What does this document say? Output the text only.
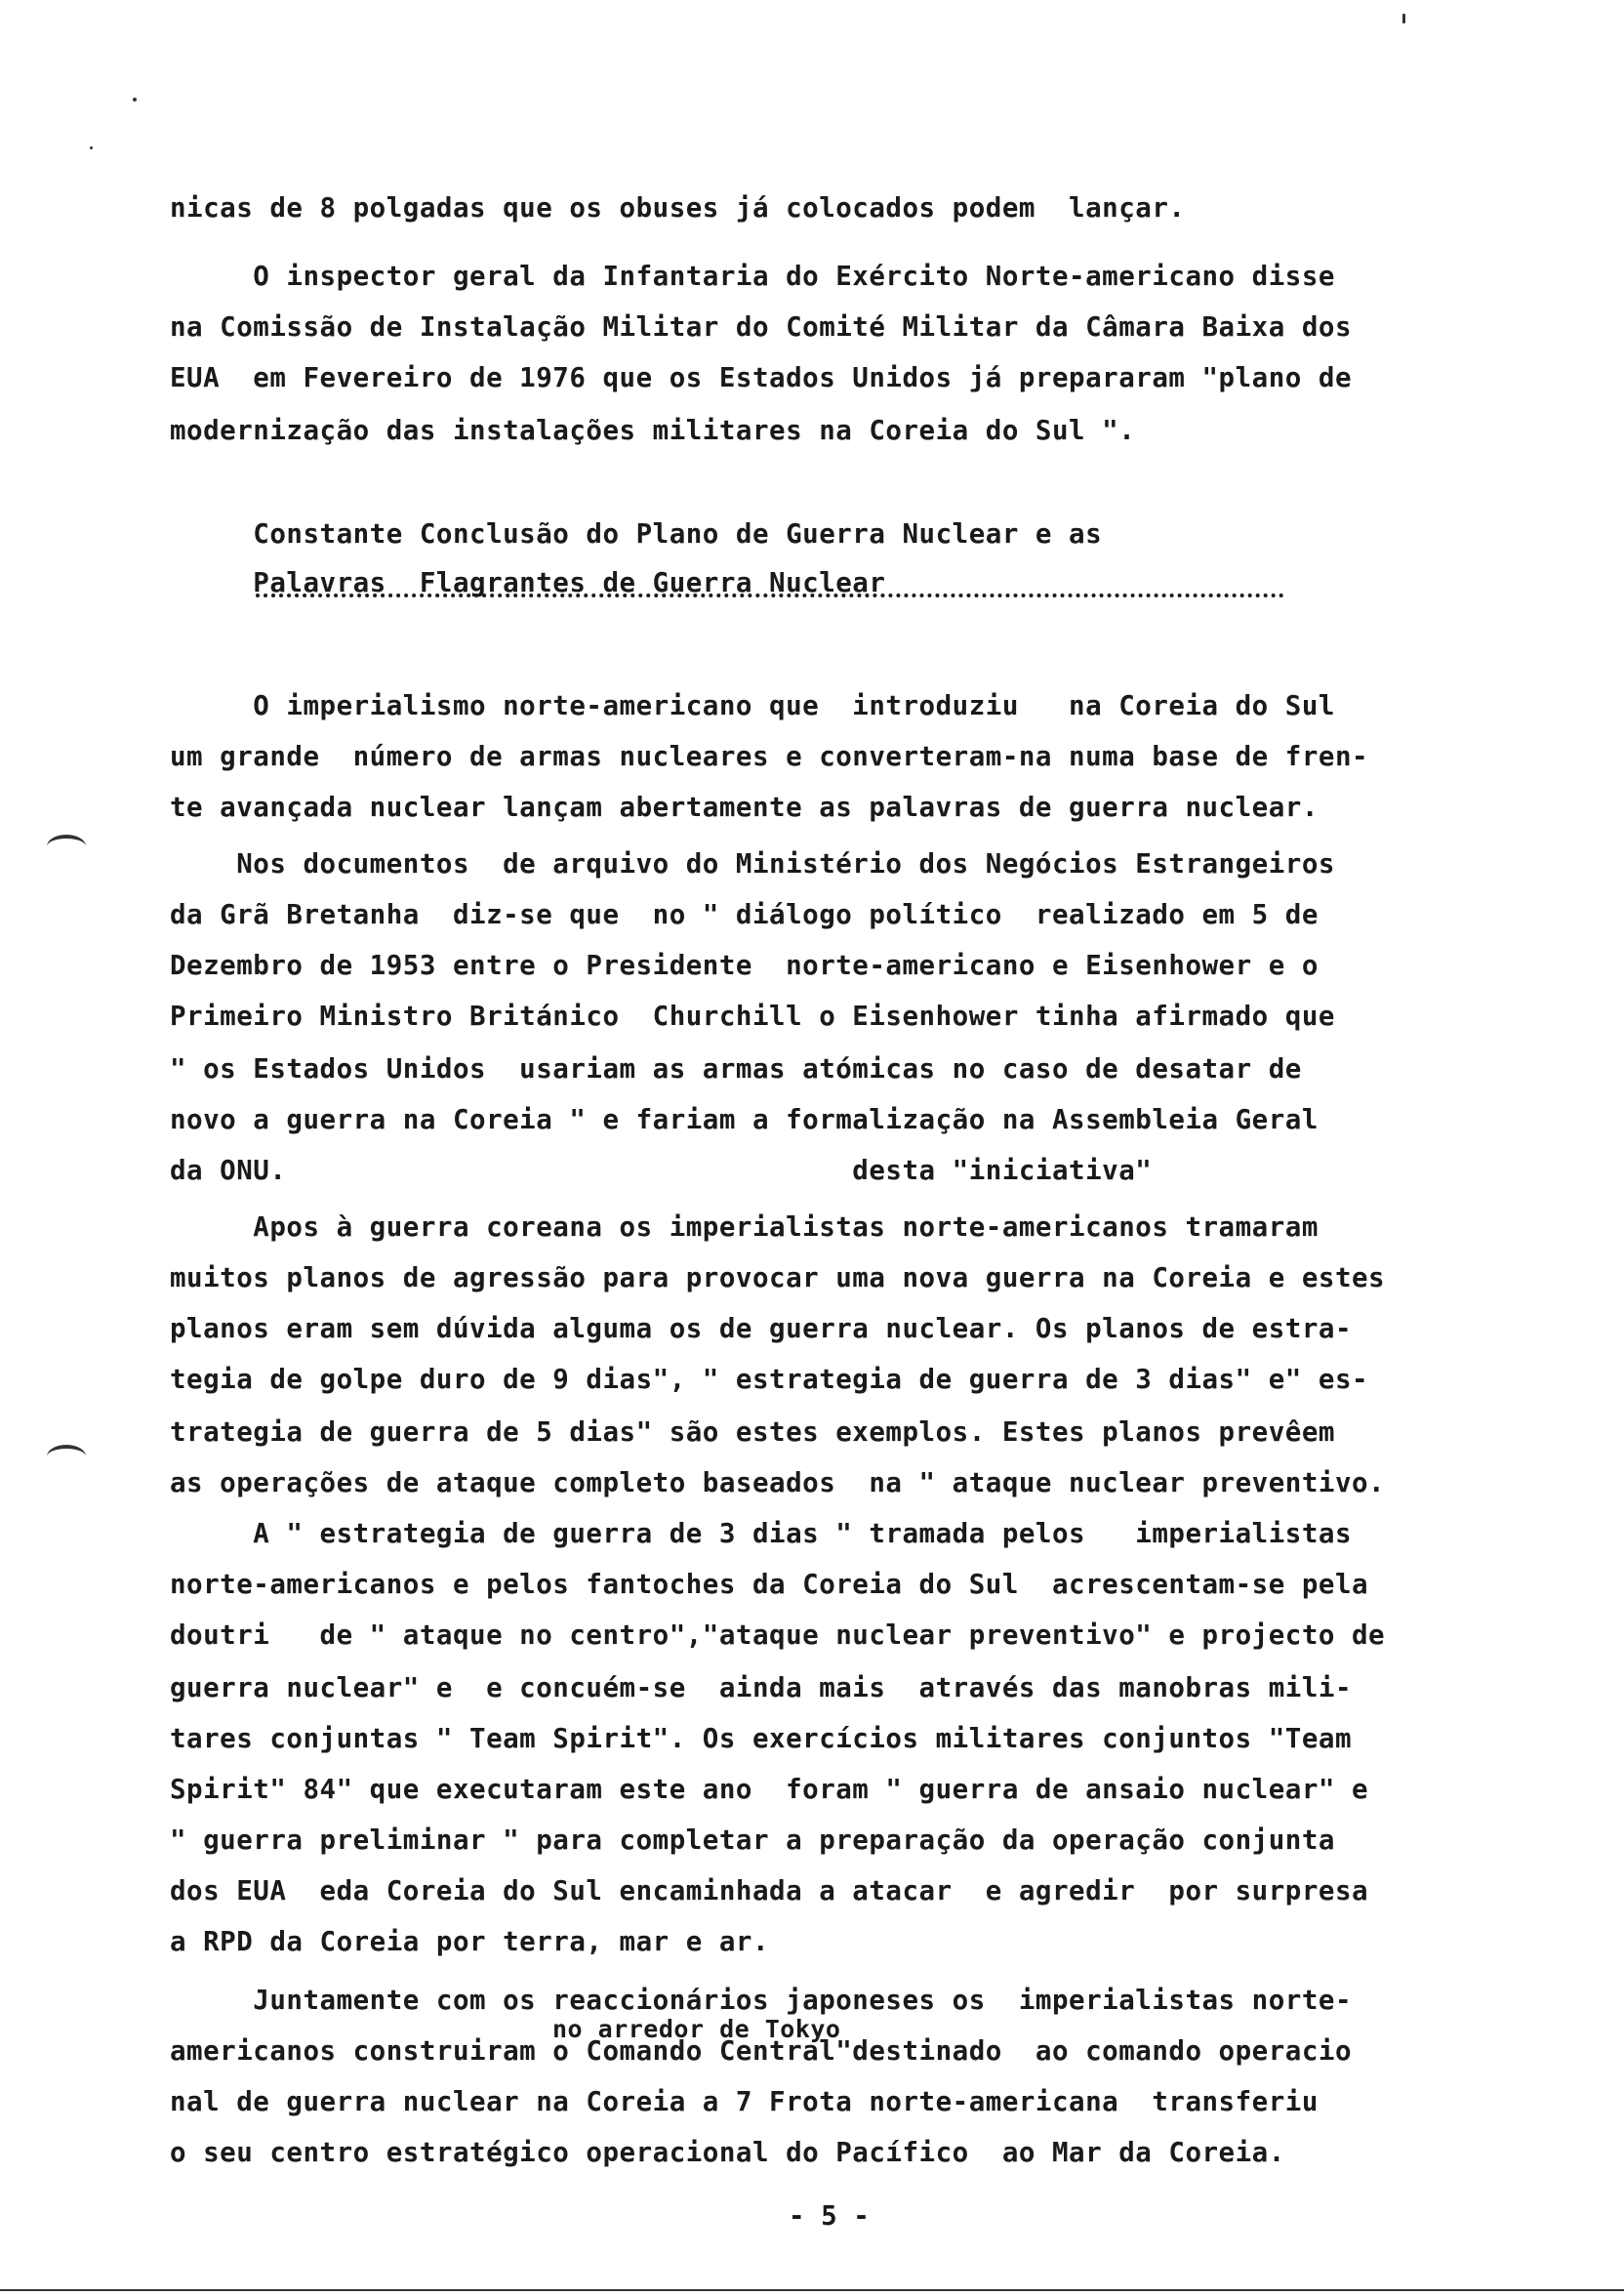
nicas de 8 polgadas que os obuses já colocados podem  lançar.
O inspector geral da Infantaria do Exército Norte-americano disse
na Comissão de Instalação Militar do Comité Militar da Câmara Baixa dos
EUA  em Fevereiro de 1976 que os Estados Unidos já prepararam "plano de
modernização das instalações militares na Coreia do Sul ".
Constante Conclusão do Plano de Guerra Nuclear e as
Palavras  Flagrantes de Guerra Nuclear
O imperialismo norte-americano que  introduziu   na Coreia do Sul
um grande  número de armas nucleares e converteram-na numa base de fren-
te avançada nuclear lançam abertamente as palavras de guerra nuclear.
Nos documentos  de arquivo do Ministério dos Negócios Estrangeiros
da Grã Bretanha  diz-se que  no " diálogo político  realizado em 5 de
Dezembro de 1953 entre o Presidente  norte-americano e Eisenhower e o
Primeiro Ministro Británico  Churchill o Eisenhower tinha afirmado que
" os Estados Unidos  usariam as armas atómicas no caso de desatar de
novo a guerra na Coreia " e fariam a formalização na Assembleia Geral
da ONU.                                  desta "iniciativa"
Apos à guerra coreana os imperialistas norte-americanos tramaram
muitos planos de agressão para provocar uma nova guerra na Coreia e estes
planos eram sem dúvida alguma os de guerra nuclear. Os planos de estra-
tegia de golpe duro de 9 dias", " estrategia de guerra de 3 dias" e" es-
trategia de guerra de 5 dias" são estes exemplos. Estes planos prevêem
as operações de ataque completo baseados  na " ataque nuclear preventivo.
A " estrategia de guerra de 3 dias " tramada pelos   imperialistas
norte-americanos e pelos fantoches da Coreia do Sul  acrescentam-se pela
doutri   de " ataque no centro","ataque nuclear preventivo" e projecto de
guerra nuclear" e  e concuém-se  ainda mais  através das manobras mili-
tares conjuntas " Team Spirit". Os exercícios militares conjuntos "Team
Spirit" 84" que executaram este ano  foram " guerra de ansaio nuclear" e
" guerra preliminar " para completar a preparação da operação conjunta
dos EUA  eda Coreia do Sul encaminhada a atacar  e agredir  por surpresa
a RPD da Coreia por terra, mar e ar.
Juntamente com os reaccionários japoneses os  imperialistas norte-
no arredor de Tokyo
americanos construiram o Comando Central"destinado  ao comando operacio
nal de guerra nuclear na Coreia a 7 Frota norte-americana  transferiu
o seu centro estratégico operacional do Pacífico  ao Mar da Coreia.
- 5 -
